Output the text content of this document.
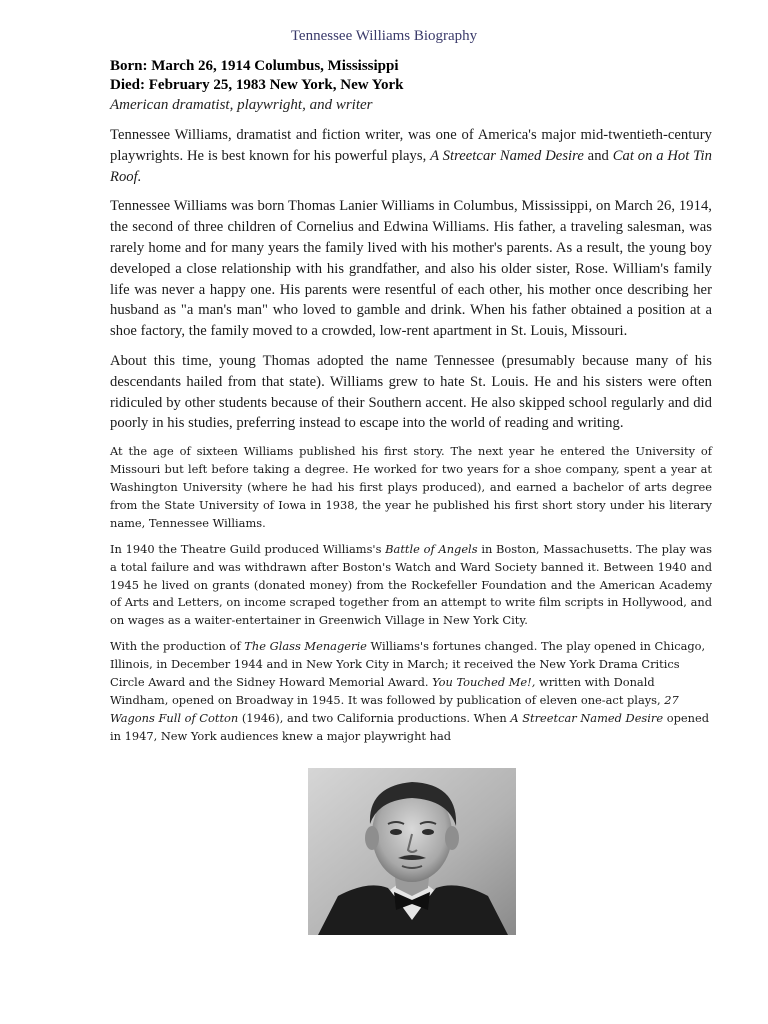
Tennessee Williams Biography

Born: March 26, 1914 Columbus, Mississippi

Died: February 25, 1983 New York, New York

American dramatist, playwright, and writer

Tennessee Williams, dramatist and fiction writer, was one of America's major mid-twentieth-century playwrights. He is best known for his powerful plays, A Streetcar Named Desire and Cat on a Hot Tin Roof.

Tennessee Williams was born Thomas Lanier Williams in Columbus, Mississippi, on March 26, 1914, the second of three children of Cornelius and Edwina Williams. His father, a traveling salesman, was rarely home and for many years the family lived with his mother's parents. As a result, the young boy developed a close relationship with his grandfather, and also his older sister, Rose. William's family life was never a happy one. His parents were resentful of each other, his mother once describing her husband as "a man's man" who loved to gamble and drink. When his father obtained a position at a shoe factory, the family moved to a crowded, low-rent apartment in St. Louis, Missouri.

About this time, young Thomas adopted the name Tennessee (presumably because many of his descendants hailed from that state). Williams grew to hate St. Louis. He and his sisters were often ridiculed by other students because of their Southern accent. He also skipped school regularly and did poorly in his studies, preferring instead to escape into the world of reading and writing.

At the age of sixteen Williams published his first story. The next year he entered the University of Missouri but left before taking a degree. He worked for two years for a shoe company, spent a year at Washington University (where he had his first plays produced), and earned a bachelor of arts degree from the State University of Iowa in 1938, the year he published his first short story under his literary name, Tennessee Williams.

In 1940 the Theatre Guild produced Williams's Battle of Angels in Boston, Massachusetts. The play was a total failure and was withdrawn after Boston's Watch and Ward Society banned it. Between 1940 and 1945 he lived on grants (donated money) from the Rockefeller Foundation and the American Academy of Arts and Letters, on income scraped together from an attempt to write film scripts in Hollywood, and on wages as a waiter-entertainer in Greenwich Village in New York City.

With the production of The Glass Menagerie Williams's fortunes changed. The play opened in Chicago, Illinois, in December 1944 and in New York City in March; it received the New York Drama Critics Circle Award and the Sidney Howard Memorial Award. You Touched Me!, written with Donald Windham, opened on Broadway in 1945. It was followed by publication of eleven one-act plays, 27 Wagons Full of Cotton (1946), and two California productions. When A Streetcar Named Desire opened in 1947, New York audiences knew a major playwright had
